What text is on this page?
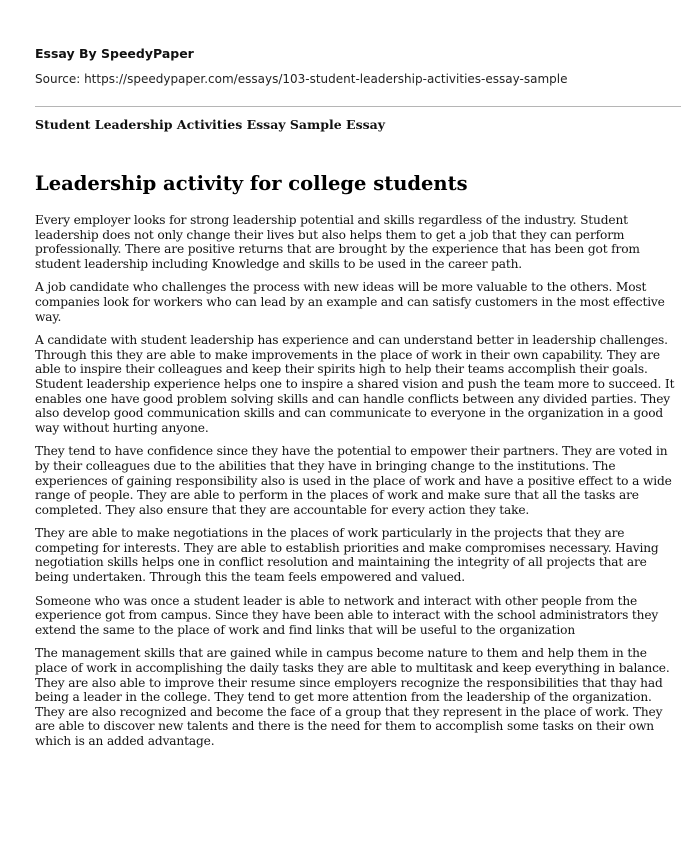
Essay By SpeedyPaper
Source: https://speedypaper.com/essays/103-student-leadership-activities-essay-sample
Student Leadership Activities Essay Sample Essay
Leadership activity for college students

Every employer looks for strong leadership potential and skills regardless of the industry. Student leadership does not only change their lives but also helps them to get a job that they can perform professionally. There are positive returns that are brought by the experience that has been got from student leadership including Knowledge and skills to be used in the career path.

A job candidate who challenges the process with new ideas will be more valuable to the others. Most companies look for workers who can lead by an example and can satisfy customers in the most effective way.

A candidate with student leadership has experience and can understand better in leadership challenges. Through this they are able to make improvements in the place of work in their own capability. They are able to inspire their colleagues and keep their spirits high to help their teams accomplish their goals. Student leadership experience helps one to inspire a shared vision and push the team more to succeed. It enables one have good problem solving skills and can handle conflicts between any divided parties. They also develop good communication skills and can communicate to everyone in the organization in a good way without hurting anyone.

They tend to have confidence since they have the potential to empower their partners. They are voted in by their colleagues due to the abilities that they have in bringing change to the institutions. The experiences of gaining responsibility also is used in the place of work and have a positive effect to a wide range of people. They are able to perform in the places of work and make sure that all the tasks are completed. They also ensure that they are accountable for every action they take.

They are able to make negotiations in the places of work particularly in the projects that they are competing for interests. They are able to establish priorities and make compromises necessary. Having negotiation skills helps one in conflict resolution and maintaining the integrity of all projects that are being undertaken. Through this the team feels empowered and valued.

Someone who was once a student leader is able to network and interact with other people from the experience got from campus. Since they have been able to interact with the school administrators they extend the same to the place of work and find links that will be useful to the organization

The management skills that are gained while in campus become nature to them and help them in the place of work in accomplishing the daily tasks they are able to multitask and keep everything in balance. They are also able to improve their resume since employers recognize the responsibilities that thay had being a leader in the college. They tend to get more attention from the leadership of the organization. They are also recognized and become the face of a group that they represent in the place of work. They are able to discover new talents and there is the need for them to accomplish some tasks on their own which is an added advantage.
